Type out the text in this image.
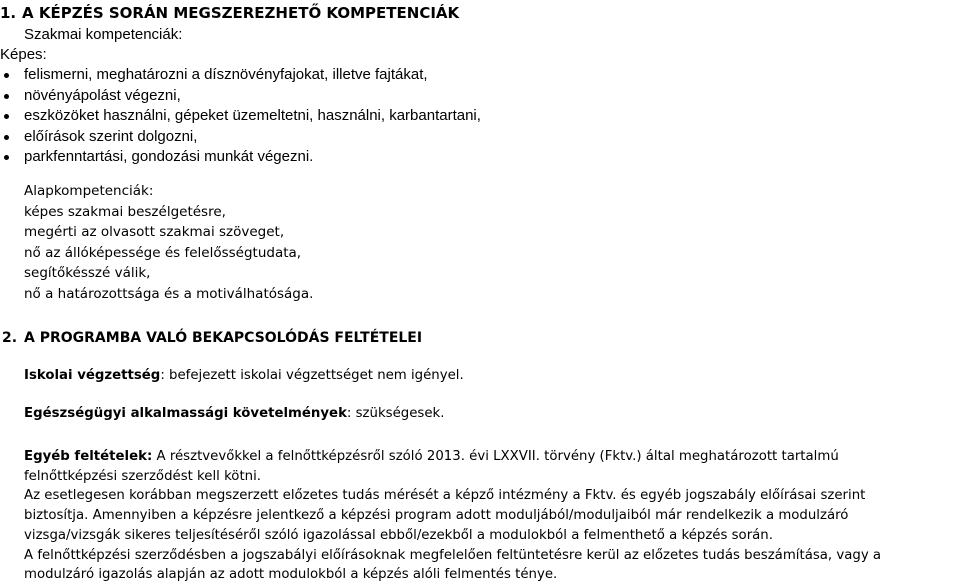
1. A KÉPZÉS SORÁN MEGSZEREZHETŐ KOMPETENCIÁK
Szakmai kompetenciák:
Képes:
felismerni, meghatározni a dísznövényfajokat, illetve fajtákat,
növényápolást végezni,
eszközöket használni, gépeket üzemeltetni, használni, karbantartani,
előírások szerint dolgozni,
parkfenntartási, gondozási munkát végezni.
Alapkompetenciák:
képes szakmai beszélgetésre,
megérti az olvasott szakmai szöveget,
nő az állóképessége és felelősségtudata,
segítőkésszé válik,
nő a határozottsága és a motiválhatósága.
2. A PROGRAMBA VALÓ BEKAPCSOLÓDÁS FELTÉTELEI
Iskolai végzettség: befejezett iskolai végzettséget nem igényel.
Egészségügyi alkalmassági követelmények: szükségesek.
Egyéb feltételek: A résztvevőkkel a felnőttképzésről szóló 2013. évi LXXVII. törvény (Fktv.) által meghatározott tartalmú
felnőttképzési szerződést kell kötni.
Az esetlegesen korábban megszerzett előzetes tudás mérését a képző intézmény a Fktv. és egyéb jogszabály előírásai szerint
biztosítja. Amennyiben a képzésre jelentkező a képzési program adott moduljából/moduljaiból már rendelkezik a modulzáró
vizsga/vizsgák sikeres teljesítéséről szóló igazolással ebből/ezekből a modulokból a felmenthető a képzés során.
A felnőttképzési szerződésben a jogszabályi előírásoknak megfelelően feltüntetésre kerül az előzetes tudás beszámítása, vagy a
modulzáró igazolás alapján az adott modulokból a képzés alóli felmentés ténye.
